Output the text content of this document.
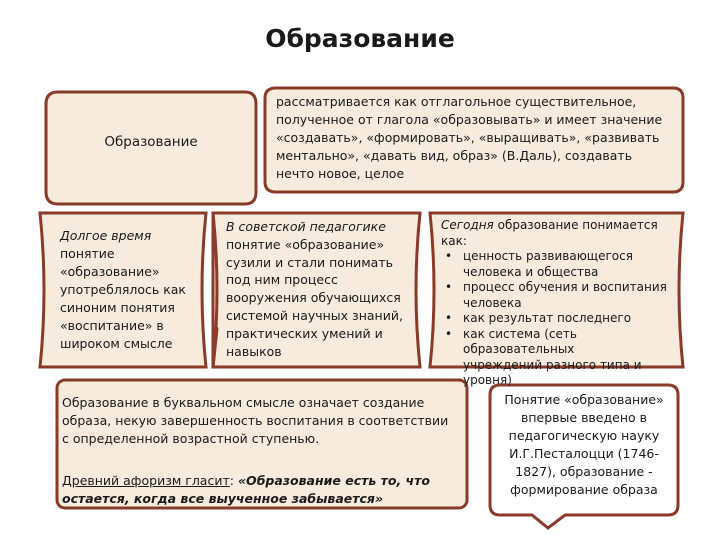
Образование
Образование
рассматривается как отглагольное существительное,
полученное от глагола «образовывать» и имеет значение
«создавать», «формировать», «выращивать», «развивать
ментально», «давать вид, образ» (В.Даль), создавать
нечто новое, целое
Долгое время
понятие
«образование»
употреблялось как
синоним понятия
«воспитание» в
широком смысле
В советской педагогике
понятие «образование»
сузили и стали понимать
под ним процесс
вооружения обучающихся
системой научных знаний,
практических умений и
навыков
Сегодня образование понимается как:
• ценность развивающегося
человека и общества
• процесс обучения и воспитания
человека
• как результат последнего
• как система (сеть образовательных
учреждений разного типа и
уровня)
Образование в буквальном смысле означает создание
образа, некую завершенность воспитания в соответствии
с определенной возрастной ступенью.
Древний афоризм гласит: «Образование есть то, что
остается, когда все выученное забывается»
Понятие «образование»
впервые введено в
педагогическую науку
И.Г.Песталоцци (1746-
1827), образование -
формирование образа
